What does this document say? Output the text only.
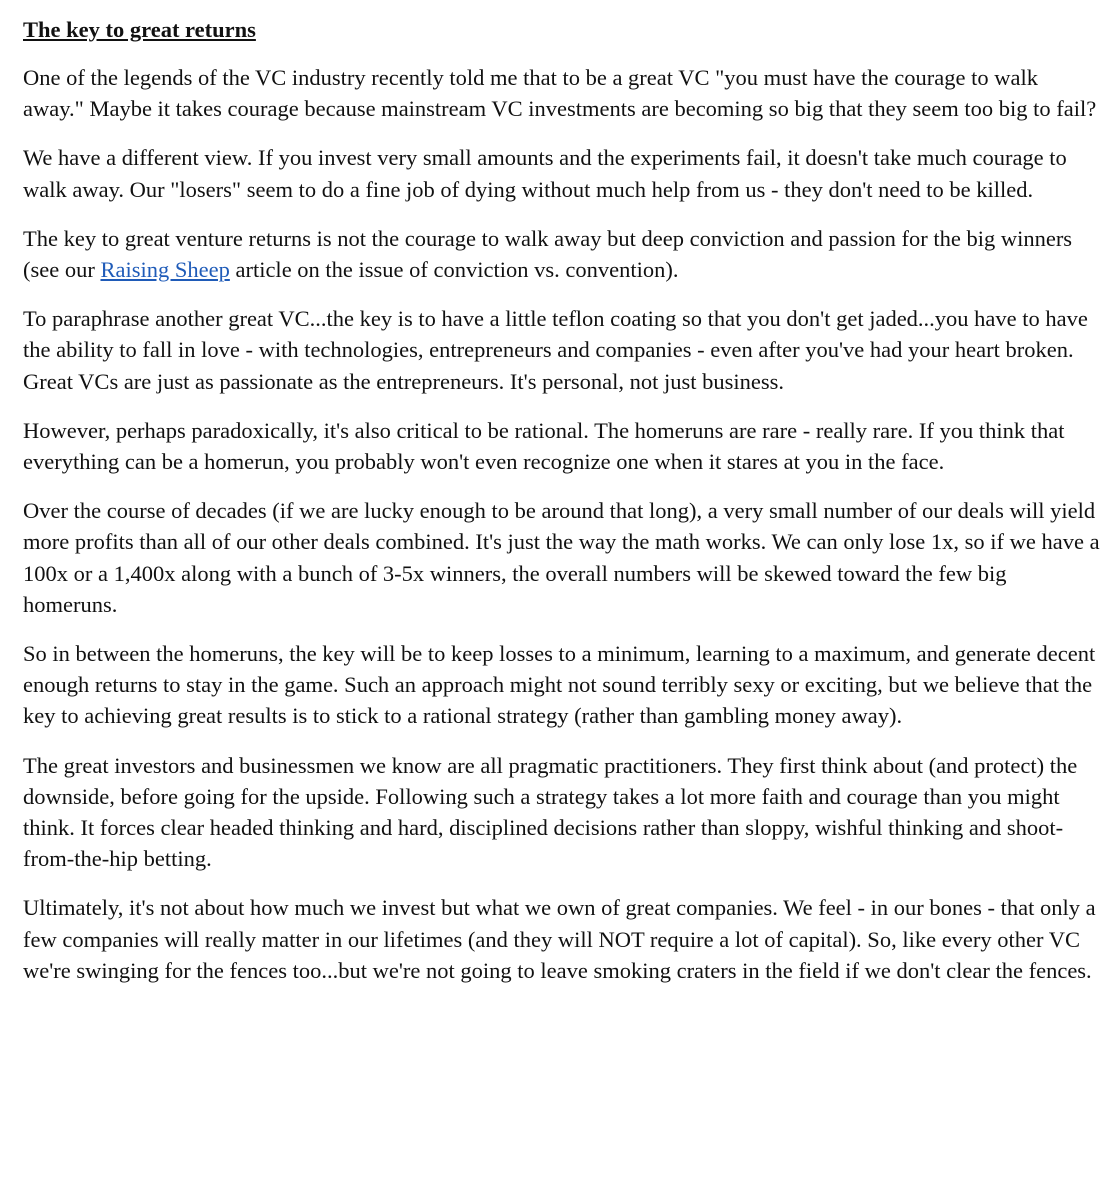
The key to great returns

One of the legends of the VC industry recently told me that to be a great VC "you must have the courage to walk away." Maybe it takes courage because mainstream VC investments are becoming so big that they seem too big to fail?

We have a different view. If you invest very small amounts and the experiments fail, it doesn't take much courage to walk away. Our "losers" seem to do a fine job of dying without much help from us - they don't need to be killed.

The key to great venture returns is not the courage to walk away but deep conviction and passion for the big winners (see our Raising Sheep article on the issue of conviction vs. convention).

To paraphrase another great VC...the key is to have a little teflon coating so that you don't get jaded...you have to have the ability to fall in love - with technologies, entrepreneurs and companies - even after you've had your heart broken. Great VCs are just as passionate as the entrepreneurs. It's personal, not just business.

However, perhaps paradoxically, it's also critical to be rational. The homeruns are rare - really rare. If you think that everything can be a homerun, you probably won't even recognize one when it stares at you in the face.

Over the course of decades (if we are lucky enough to be around that long), a very small number of our deals will yield more profits than all of our other deals combined. It's just the way the math works. We can only lose 1x, so if we have a 100x or a 1,400x along with a bunch of 3-5x winners, the overall numbers will be skewed toward the few big homeruns.

So in between the homeruns, the key will be to keep losses to a minimum, learning to a maximum, and generate decent enough returns to stay in the game. Such an approach might not sound terribly sexy or exciting, but we believe that the key to achieving great results is to stick to a rational strategy (rather than gambling money away).

The great investors and businessmen we know are all pragmatic practitioners. They first think about (and protect) the downside, before going for the upside. Following such a strategy takes a lot more faith and courage than you might think. It forces clear headed thinking and hard, disciplined decisions rather than sloppy, wishful thinking and shoot-from-the-hip betting.

Ultimately, it's not about how much we invest but what we own of great companies. We feel - in our bones - that only a few companies will really matter in our lifetimes (and they will NOT require a lot of capital). So, like every other VC we're swinging for the fences too...but we're not going to leave smoking craters in the field if we don't clear the fences.
